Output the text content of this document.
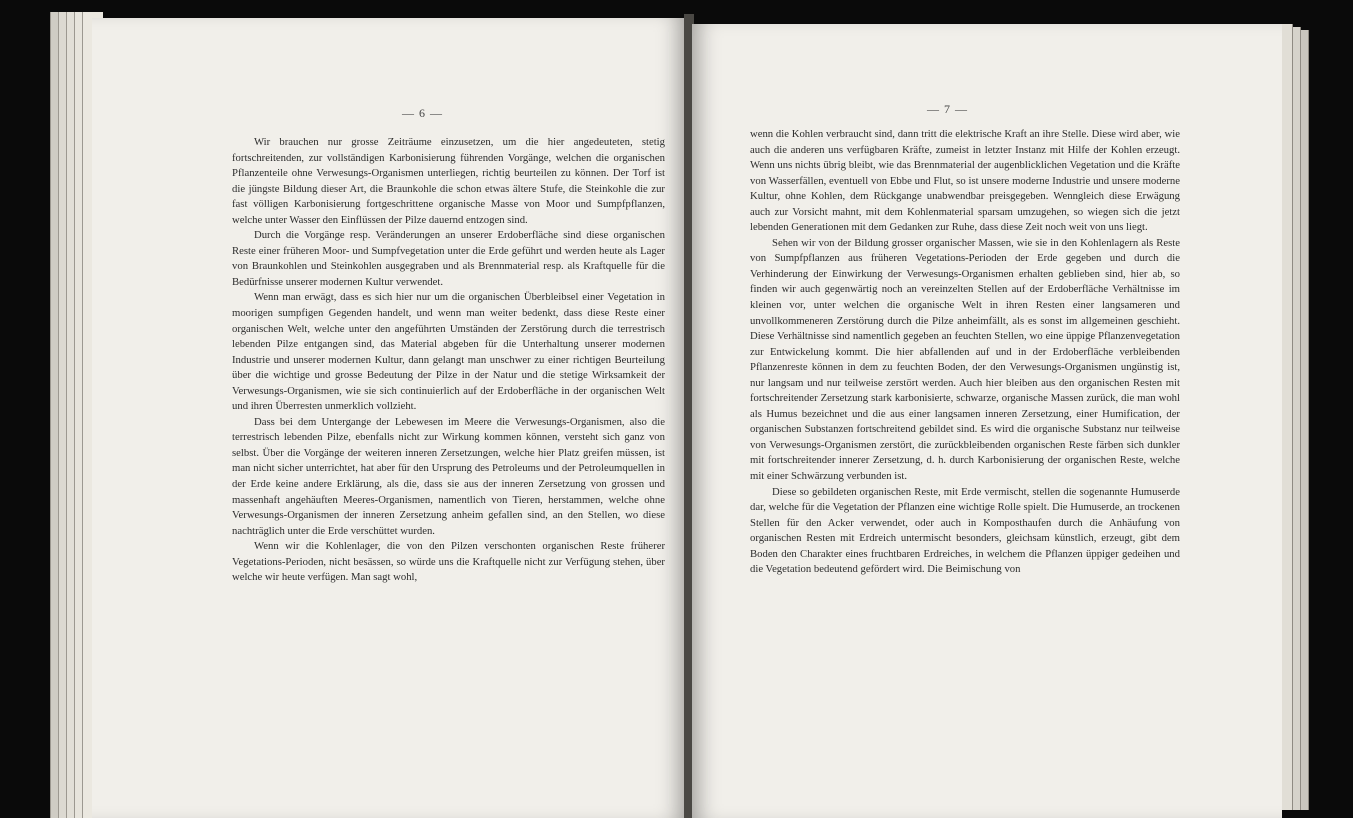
— 6 —

Wir brauchen nur grosse Zeiträume einzusetzen, um die hier angedeuteten, stetig fortschreitenden, zur vollständigen Karbonisierung führenden Vorgänge, welchen die organischen Pflanzenteile ohne Verwesungs-Organismen unterliegen, richtig beurteilen zu können. Der Torf ist die jüngste Bildung dieser Art, die Braunkohle die schon etwas ältere Stufe, die Steinkohle die zur fast völligen Karbonisierung fortgeschrittene organische Masse von Moor und Sumpfpflanzen, welche unter Wasser den Einflüssen der Pilze dauernd entzogen sind.

Durch die Vorgänge resp. Veränderungen an unserer Erdoberfläche sind diese organischen Reste einer früheren Moor- und Sumpfvegetation unter die Erde geführt und werden heute als Lager von Braunkohlen und Steinkohlen ausgegraben und als Brennmaterial resp. als Kraftquelle für die Bedürfnisse unserer modernen Kultur verwendet.

Wenn man erwägt, dass es sich hier nur um die organischen Überbleibsel einer Vegetation in moorigen sumpfigen Gegenden handelt, und wenn man weiter bedenkt, dass diese Reste einer organischen Welt, welche unter den angeführten Umständen der Zerstörung durch die terrestrisch lebenden Pilze entgangen sind, das Material abgeben für die Unterhaltung unserer modernen Industrie und unserer modernen Kultur, dann gelangt man unschwer zu einer richtigen Beurteilung über die wichtige und grosse Bedeutung der Pilze in der Natur und die stetige Wirksamkeit der Verwesungs-Organismen, wie sie sich continuierlich auf der Erdoberfläche in der organischen Welt und ihren Überresten unmerklich vollzieht.

Dass bei dem Untergange der Lebewesen im Meere die Verwesungs-Organismen, also die terrestrisch lebenden Pilze, ebenfalls nicht zur Wirkung kommen können, versteht sich ganz von selbst. Über die Vorgänge der weiteren inneren Zersetzungen, welche hier Platz greifen müssen, ist man nicht sicher unterrichtet, hat aber für den Ursprung des Petroleums und der Petroleumquellen in der Erde keine andere Erklärung, als die, dass sie aus der inneren Zersetzung von grossen und massenhaft angehäuften Meeres-Organismen, namentlich von Tieren, herstammen, welche ohne Verwesungs-Organismen der inneren Zersetzung anheim gefallen sind, an den Stellen, wo diese nachträglich unter die Erde verschüttet wurden.

Wenn wir die Kohlenlager, die von den Pilzen verschonten organischen Reste früherer Vegetations-Perioden, nicht besässen, so würde uns die Kraftquelle nicht zur Verfügung stehen, über welche wir heute verfügen. Man sagt wohl,

— 7 —

wenn die Kohlen verbraucht sind, dann tritt die elektrische Kraft an ihre Stelle. Diese wird aber, wie auch die anderen uns verfügbaren Kräfte, zumeist in letzter Instanz mit Hilfe der Kohlen erzeugt. Wenn uns nichts übrig bleibt, wie das Brennmaterial der augenblicklichen Vegetation und die Kräfte von Wasserfällen, eventuell von Ebbe und Flut, so ist unsere moderne Industrie und unsere moderne Kultur, ohne Kohlen, dem Rückgange unabwendbar preisgegeben. Wenngleich diese Erwägung auch zur Vorsicht mahnt, mit dem Kohlenmaterial sparsam umzugehen, so wiegen sich die jetzt lebenden Generationen mit dem Gedanken zur Ruhe, dass diese Zeit noch weit von uns liegt.

Sehen wir von der Bildung grosser organischer Massen, wie sie in den Kohlenlagern als Reste von Sumpfpflanzen aus früheren Vegetations-Perioden der Erde gegeben und durch die Verhinderung der Einwirkung der Verwesungs-Organismen erhalten geblieben sind, hier ab, so finden wir auch gegenwärtig noch an vereinzelten Stellen auf der Erdoberfläche Verhältnisse im kleinen vor, unter welchen die organische Welt in ihren Resten einer langsameren und unvollkommeneren Zerstörung durch die Pilze anheimfällt, als es sonst im allgemeinen geschieht. Diese Verhältnisse sind namentlich gegeben an feuchten Stellen, wo eine üppige Pflanzenvegetation zur Entwickelung kommt. Die hier abfallenden auf und in der Erdoberfläche verbleibenden Pflanzenreste können in dem zu feuchten Boden, der den Verwesungs-Organismen ungünstig ist, nur langsam und nur teilweise zerstört werden. Auch hier bleiben aus den organischen Resten mit fortschreitender Zersetzung stark karbonisierte, schwarze, organische Massen zurück, die man wohl als Humus bezeichnet und die aus einer langsamen inneren Zersetzung, einer Humification, der organischen Substanzen fortschreitend gebildet sind. Es wird die organische Substanz nur teilweise von Verwesungs-Organismen zerstört, die zurückbleibenden organischen Reste färben sich dunkler mit fortschreitender innerer Zersetzung, d. h. durch Karbonisierung der organischen Reste, welche mit einer Schwärzung verbunden ist.

Diese so gebildeten organischen Reste, mit Erde vermischt, stellen die sogenannte Humuserde dar, welche für die Vegetation der Pflanzen eine wichtige Rolle spielt. Die Humuserde, an trockenen Stellen für den Acker verwendet, oder auch in Komposthaufen durch die Anhäufung von organischen Resten mit Erdreich untermischt besonders, gleichsam künstlich, erzeugt, gibt dem Boden den Charakter eines fruchtbaren Erdreiches, in welchem die Pflanzen üppiger gedeihen und die Vegetation bedeutend gefördert wird. Die Beimischung von
